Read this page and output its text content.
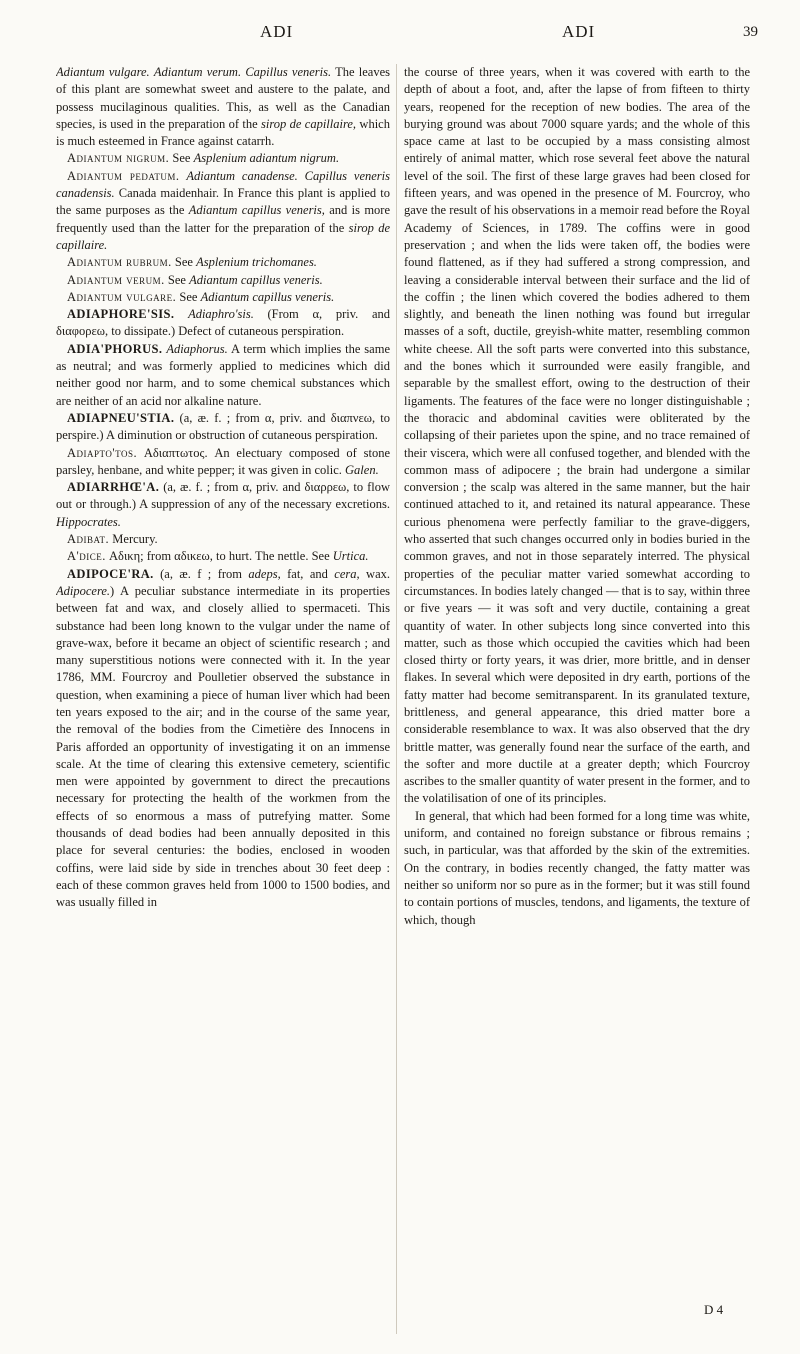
ADI	ADI	39

Adiantum vulgare. Adiantum verum. Capillus veneris. The leaves of this plant are somewhat sweet and austere to the palate, and possess mucilaginous qualities. This, as well as the Canadian species, is used in the preparation of the sirop de capillaire, which is much esteemed in France against catarrh.

Adiantum nigrum. See Asplenium adiantum nigrum.

Adiantum pedatum. Adiantum canadense. Capillus veneris canadensis. Canada maidenhair. In France this plant is applied to the same purposes as the Adiantum capillus veneris, and is more frequently used than the latter for the preparation of the sirop de capillaire.

Adiantum rubrum. See Asplenium trichomanes.

Adiantum verum. See Adiantum capillus veneris.

Adiantum vulgare. See Adiantum capillus veneris.

ADIAPHORE'SIS. Adiaphro'sis. (From α, priv. and διαφορεω, to dissipate.) Defect of cutaneous perspiration.

ADIA'PHORUS. Adiaphorus. A term which implies the same as neutral; and was formerly applied to medicines which did neither good nor harm, and to some chemical substances which are neither of an acid nor alkaline nature.

ADIAPNEU'STIA. (a, æ. f. ; from α, priv. and διαπνεω, to perspire.) A diminution or obstruction of cutaneous perspiration.

Adiapto'tos. Αδιαπτωτος. An electuary composed of stone parsley, henbane, and white pepper; it was given in colic. Galen.

ADIARRHŒ'A. (a, æ. f. ; from α, priv. and διαρρεω, to flow out or through.) A suppression of any of the necessary excretions. Hippocrates.

Adibat. Mercury.

A'dice. Αδικη; from αδικεω, to hurt. The nettle. See Urtica.

ADIPOCE'RA. (a, æ. f ; from adeps, fat, and cera, wax. Adipocere.) A peculiar substance intermediate in its properties between fat and wax, and closely allied to spermaceti. This substance had been long known to the vulgar under the name of grave-wax, before it became an object of scientific research ; and many superstitious notions were connected with it. In the year 1786, MM. Fourcroy and Poulletier observed the substance in question, when examining a piece of human liver which had been ten years exposed to the air; and in the course of the same year, the removal of the bodies from the Cimetière des Innocens in Paris afforded an opportunity of investigating it on an immense scale. At the time of clearing this extensive cemetery, scientific men were appointed by government to direct the precautions necessary for protecting the health of the workmen from the effects of so enormous a mass of putrefying matter. Some thousands of dead bodies had been annually deposited in this place for several centuries: the bodies, enclosed in wooden coffins, were laid side by side in trenches about 30 feet deep : each of these common graves held from 1000 to 1500 bodies, and was usually filled in

the course of three years, when it was covered with earth to the depth of about a foot, and, after the lapse of from fifteen to thirty years, reopened for the reception of new bodies. The area of the burying ground was about 7000 square yards; and the whole of this space came at last to be occupied by a mass consisting almost entirely of animal matter, which rose several feet above the natural level of the soil. The first of these large graves had been closed for fifteen years, and was opened in the presence of M. Fourcroy, who gave the result of his observations in a memoir read before the Royal Academy of Sciences, in 1789. The coffins were in good preservation ; and when the lids were taken off, the bodies were found flattened, as if they had suffered a strong compression, and leaving a considerable interval between their surface and the lid of the coffin ; the linen which covered the bodies adhered to them slightly, and beneath the linen nothing was found but irregular masses of a soft, ductile, greyish-white matter, resembling common white cheese. All the soft parts were converted into this substance, and the bones which it surrounded were easily frangible, and separable by the smallest effort, owing to the destruction of their ligaments. The features of the face were no longer distinguishable ; the thoracic and abdominal cavities were obliterated by the collapsing of their parietes upon the spine, and no trace remained of their viscera, which were all confused together, and blended with the common mass of adipocere ; the brain had undergone a similar conversion ; the scalp was altered in the same manner, but the hair continued attached to it, and retained its natural appearance. These curious phenomena were perfectly familiar to the grave-diggers, who asserted that such changes occurred only in bodies buried in the common graves, and not in those separately interred. The physical properties of the peculiar matter varied somewhat according to circumstances. In bodies lately changed — that is to say, within three or five years — it was soft and very ductile, containing a great quantity of water. In other subjects long since converted into this matter, such as those which occupied the cavities which had been closed thirty or forty years, it was drier, more brittle, and in denser flakes. In several which were deposited in dry earth, portions of the fatty matter had become semitransparent. In its granulated texture, brittleness, and general appearance, this dried matter bore a considerable resemblance to wax. It was also observed that the dry brittle matter, was generally found near the surface of the earth, and the softer and more ductile at a greater depth; which Fourcroy ascribes to the smaller quantity of water present in the former, and to the volatilisation of one of its principles.

In general, that which had been formed for a long time was white, uniform, and contained no foreign substance or fibrous remains ; such, in particular, was that afforded by the skin of the extremities. On the contrary, in bodies recently changed, the fatty matter was neither so uniform nor so pure as in the former; but it was still found to contain portions of muscles, tendons, and ligaments, the texture of which, though

D 4
